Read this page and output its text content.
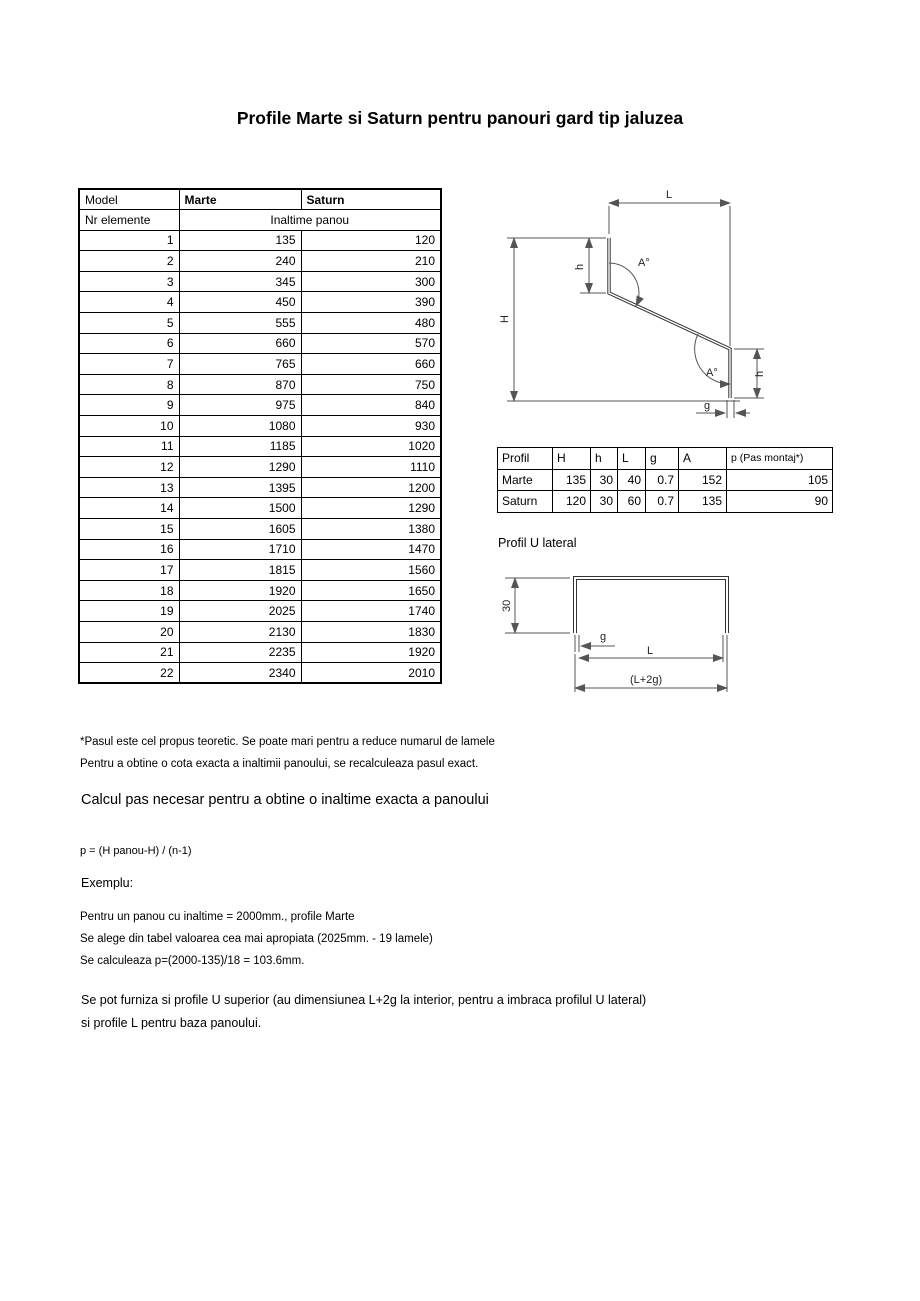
Profile Marte si Saturn pentru panouri gard tip jaluzea
Model	Marte	Saturn
Nr elemente	Inaltime panou	
1	135	120
2	240	210
3	345	300
4	450	390
5	555	480
6	660	570
7	765	660
8	870	750
9	975	840
10	1080	930
11	1185	1020
12	1290	1110
13	1395	1200
14	1500	1290
15	1605	1380
16	1710	1470
17	1815	1560
18	1920	1650
19	2025	1740
20	2130	1830
21	2235	1920
22	2340	2010
L
h
H
h
A°
A°
g
Profil	H	h	L	g	A	p (Pas montaj*)
Marte	135	30	40	0.7	152	105
Saturn	120	30	60	0.7	135	90
Profil U lateral
30
g
L
(L+2g)
*Pasul este cel propus teoretic. Se poate mari pentru a reduce numarul de lamele
Pentru a obtine o cota exacta a inaltimii panoului, se recalculeaza pasul exact.
Calcul pas necesar pentru a obtine o inaltime exacta a panoului
p = (H panou-H) / (n-1)
Exemplu:
Pentru un panou cu inaltime = 2000mm., profile Marte
Se alege din tabel valoarea cea mai apropiata (2025mm. - 19 lamele)
Se calculeaza p=(2000-135)/18 = 103.6mm.
Se pot furniza si profile U superior (au dimensiunea L+2g la interior, pentru a imbraca profilul U lateral)
si profile L pentru baza panoului.
